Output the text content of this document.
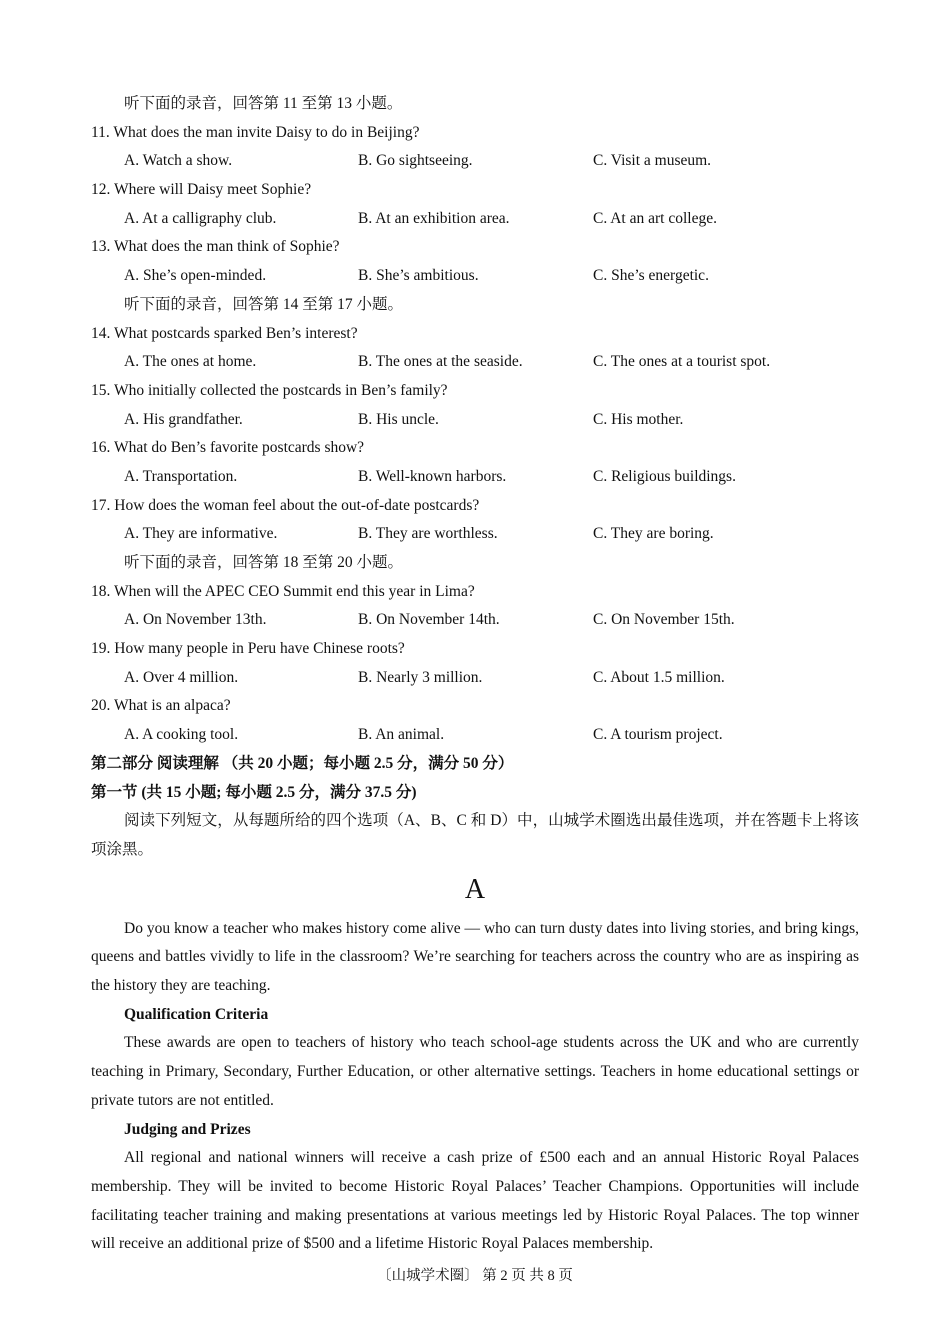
听下面的录音，回答第 11 至第 13 小题。
11. What does the man invite Daisy to do in Beijing?
A. Watch a show.	B. Go sightseeing.	C. Visit a museum.
12. Where will Daisy meet Sophie?
A. At a calligraphy club.	B. At an exhibition area.	C. At an art college.
13. What does the man think of Sophie?
A. She’s open-minded.	B. She’s ambitious.	C. She’s energetic.
听下面的录音，回答第 14 至第 17 小题。
14. What postcards sparked Ben’s interest?
A. The ones at home.	B. The ones at the seaside.	C. The ones at a tourist spot.
15. Who initially collected the postcards in Ben’s family?
A. His grandfather.	B. His uncle.	C. His mother.
16. What do Ben’s favorite postcards show?
A. Transportation.	B. Well-known harbors.	C. Religious buildings.
17. How does the woman feel about the out-of-date postcards?
A. They are informative.	B. They are worthless.	C. They are boring.
听下面的录音，回答第 18 至第 20 小题。
18. When will the APEC CEO Summit end this year in Lima?
A. On November 13th.	B. On November 14th.	C. On November 15th.
19. How many people in Peru have Chinese roots?
A. Over 4 million.	B. Nearly 3 million.	C. About 1.5 million.
20. What is an alpaca?
A. A cooking tool.	B. An animal.	C. A tourism project.
第二部分 阅读理解 （共 20 小题；每小题 2.5 分，满分 50 分）
第一节 (共 15 小题; 每小题 2.5 分，满分 37.5 分)

阅读下列短文，从每题所给的四个选项（A、B、C 和 D）中，山城学术圈选出最佳选项，并在答题卡上将该项涂黑。

A

Do you know a teacher who makes history come alive — who can turn dusty dates into living stories, and bring kings, queens and battles vividly to life in the classroom? We’re searching for teachers across the country who are as inspiring as the history they are teaching.

Qualification Criteria

These awards are open to teachers of history who teach school-age students across the UK and who are currently teaching in Primary, Secondary, Further Education, or other alternative settings. Teachers in home educational settings or private tutors are not entitled.

Judging and Prizes

All regional and national winners will receive a cash prize of £500 each and an annual Historic Royal Palaces membership. They will be invited to become Historic Royal Palaces’ Teacher Champions. Opportunities will include facilitating teacher training and making presentations at various meetings led by Historic Royal Palaces. The top winner will receive an additional prize of $500 and a lifetime Historic Royal Palaces membership.

〔山城学术圈〕 第 2 页 共 8 页
